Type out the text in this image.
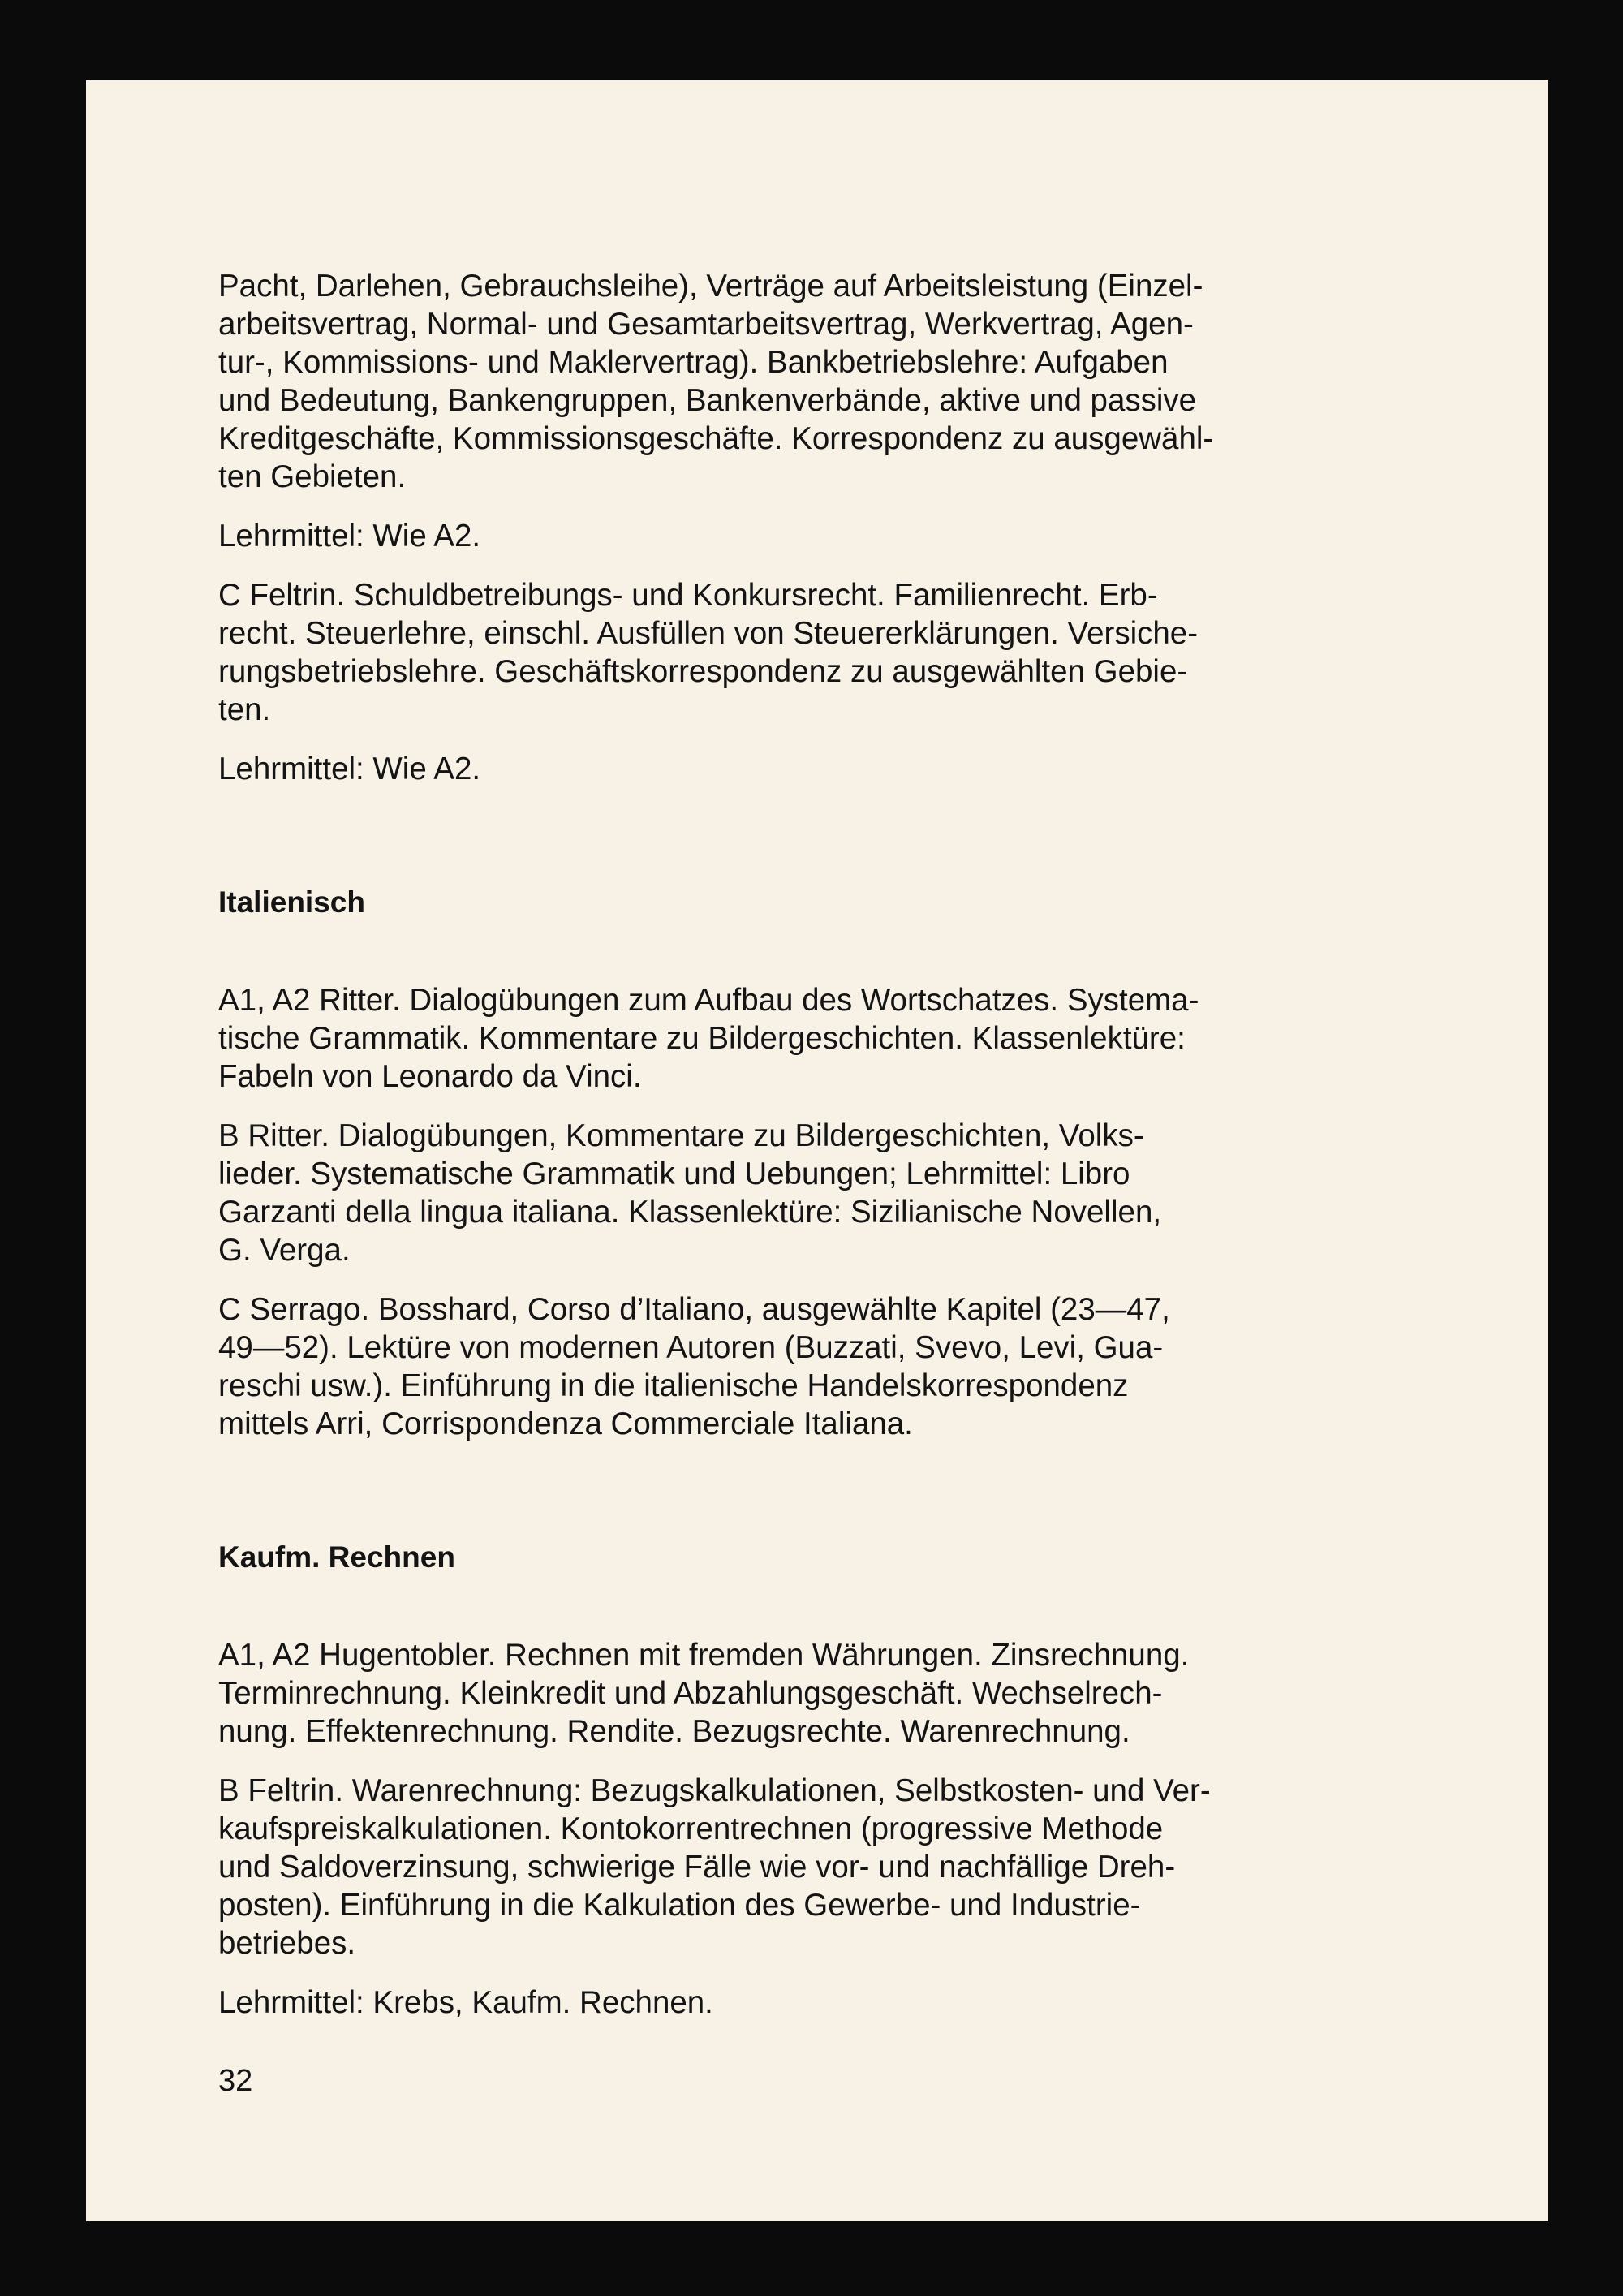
Pacht, Darlehen, Gebrauchsleihe), Verträge auf Arbeitsleistung (Einzel-
arbeitsvertrag, Normal- und Gesamtarbeitsvertrag, Werkvertrag, Agen-
tur-, Kommissions- und Maklervertrag). Bankbetriebslehre: Aufgaben
und Bedeutung, Bankengruppen, Bankenverbände, aktive und passive
Kreditgeschäfte, Kommissionsgeschäfte. Korrespondenz zu ausgewähl-
ten Gebieten.

Lehrmittel: Wie A2.

C Feltrin. Schuldbetreibungs- und Konkursrecht. Familienrecht. Erb-
recht. Steuerlehre, einschl. Ausfüllen von Steuererklärungen. Versiche-
rungsbetriebslehre. Geschäftskorrespondenz zu ausgewählten Gebie-
ten.

Lehrmittel: Wie A2.

Italienisch

A1, A2 Ritter. Dialogübungen zum Aufbau des Wortschatzes. Systema-
tische Grammatik. Kommentare zu Bildergeschichten. Klassenlektüre:
Fabeln von Leonardo da Vinci.

B Ritter. Dialogübungen, Kommentare zu Bildergeschichten, Volks-
lieder. Systematische Grammatik und Uebungen; Lehrmittel: Libro
Garzanti della lingua italiana. Klassenlektüre: Sizilianische Novellen,
G. Verga.

C Serrago. Bosshard, Corso d’Italiano, ausgewählte Kapitel (23—47,
49—52). Lektüre von modernen Autoren (Buzzati, Svevo, Levi, Gua-
reschi usw.). Einführung in die italienische Handelskorrespondenz
mittels Arri, Corrispondenza Commerciale Italiana.

Kaufm. Rechnen

A1, A2 Hugentobler. Rechnen mit fremden Währungen. Zinsrechnung.
Terminrechnung. Kleinkredit und Abzahlungsgeschäft. Wechselrech-
nung. Effektenrechnung. Rendite. Bezugsrechte. Warenrechnung.

B Feltrin. Warenrechnung: Bezugskalkulationen, Selbstkosten- und Ver-
kaufspreiskalkulationen. Kontokorrentrechnen (progressive Methode
und Saldoverzinsung, schwierige Fälle wie vor- und nachfällige Dreh-
posten). Einführung in die Kalkulation des Gewerbe- und Industrie-
betriebes.

Lehrmittel: Krebs, Kaufm. Rechnen.

32
